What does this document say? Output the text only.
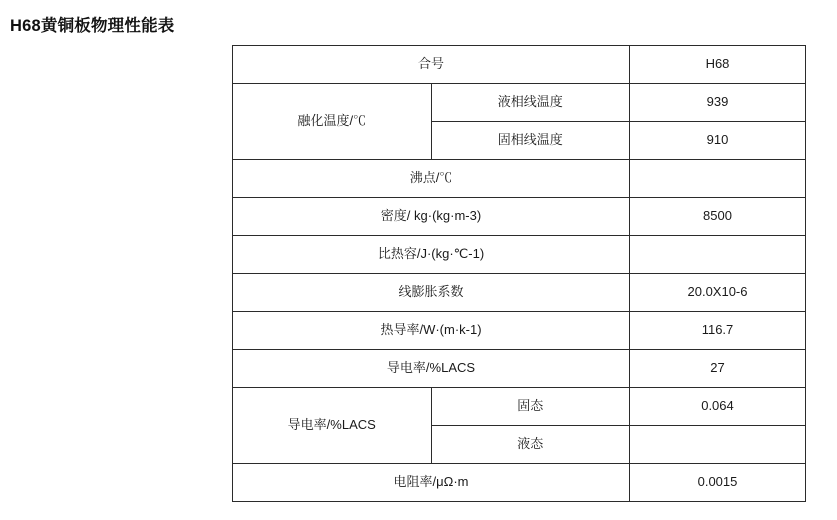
H68黄铜板物理性能表
合号		H68
融化温度/℃	液相线温度	939
	固相线温度	910
沸点/℃		
密度/ kg·(kg·m-3)		8500
比热容/J·(kg·℃-1)		
线膨胀系数		20.0X10-6
热导率/W·(m·k-1)		116.7
导电率/%LACS		27
导电率/%LACS	固态	0.064
	液态	
电阻率/μΩ·m		0.0015
